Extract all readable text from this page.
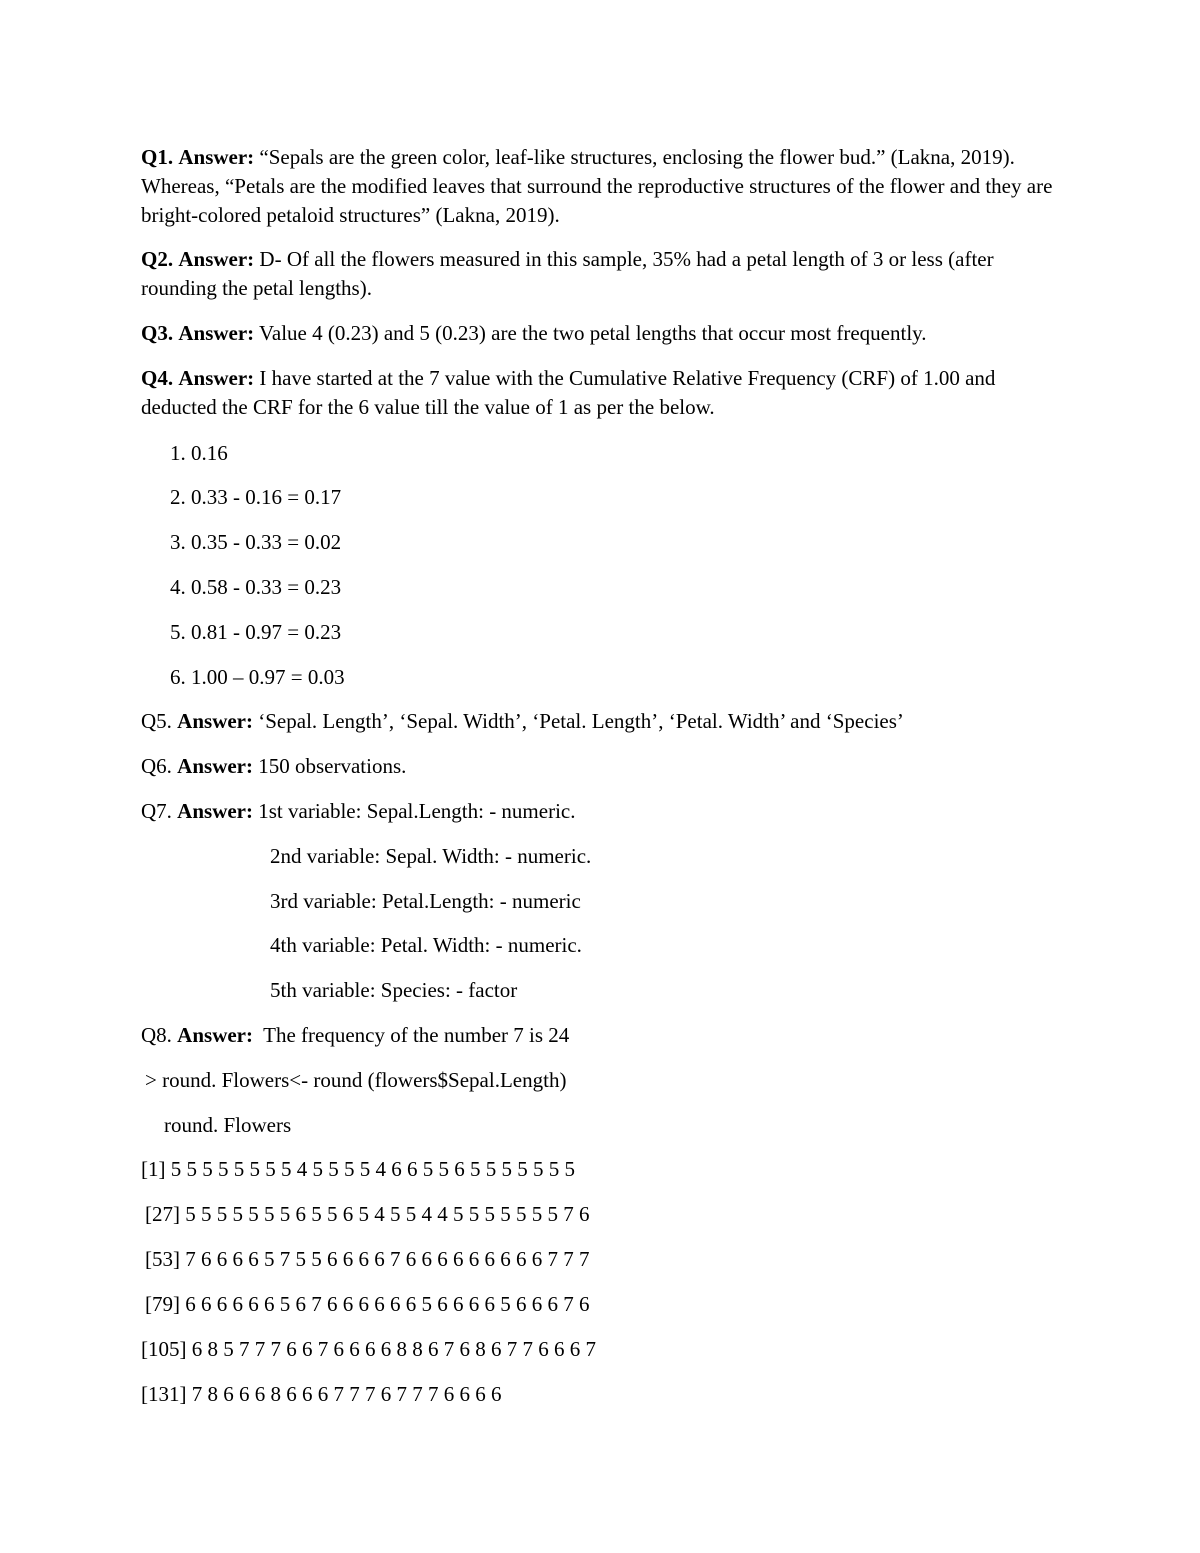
Q1. Answer: “Sepals are the green color, leaf-like structures, enclosing the flower bud.” (Lakna, 2019). Whereas, “Petals are the modified leaves that surround the reproductive structures of the flower and they are bright-colored petaloid structures” (Lakna, 2019).
Q2. Answer: D- Of all the flowers measured in this sample, 35% had a petal length of 3 or less (after rounding the petal lengths).
Q3. Answer: Value 4 (0.23) and 5 (0.23) are the two petal lengths that occur most frequently.
Q4. Answer: I have started at the 7 value with the Cumulative Relative Frequency (CRF) of 1.00 and deducted the CRF for the 6 value till the value of 1 as per the below.
1. 0.16
2. 0.33 - 0.16 = 0.17
3. 0.35 - 0.33 = 0.02
4. 0.58 - 0.33 = 0.23
5. 0.81 - 0.97 = 0.23
6. 1.00 – 0.97 = 0.03
Q5. Answer: ‘Sepal. Length’, ‘Sepal. Width’, ‘Petal. Length’, ‘Petal. Width’ and ‘Species’
Q6. Answer: 150 observations.
Q7. Answer: 1st variable: Sepal.Length: - numeric.
2nd variable: Sepal. Width: - numeric.
3rd variable: Petal.Length: - numeric
4th variable: Petal. Width: - numeric.
5th variable: Species: - factor
Q8. Answer:  The frequency of the number 7 is 24
> round. Flowers<- round (flowers$Sepal.Length)
round. Flowers
[1] 5 5 5 5 5 5 5 5 4 5 5 5 5 4 6 6 5 5 6 5 5 5 5 5 5 5
[27] 5 5 5 5 5 5 5 6 5 5 6 5 4 5 5 4 4 5 5 5 5 5 5 5 7 6
[53] 7 6 6 6 6 5 7 5 5 6 6 6 6 7 6 6 6 6 6 6 6 6 6 7 7 7
[79] 6 6 6 6 6 6 5 6 7 6 6 6 6 6 6 5 6 6 6 6 5 6 6 6 7 6
[105] 6 8 5 7 7 7 6 6 7 6 6 6 6 8 8 6 7 6 8 6 7 7 6 6 6 7
[131] 7 8 6 6 6 8 6 6 6 7 7 7 6 7 7 7 6 6 6 6
